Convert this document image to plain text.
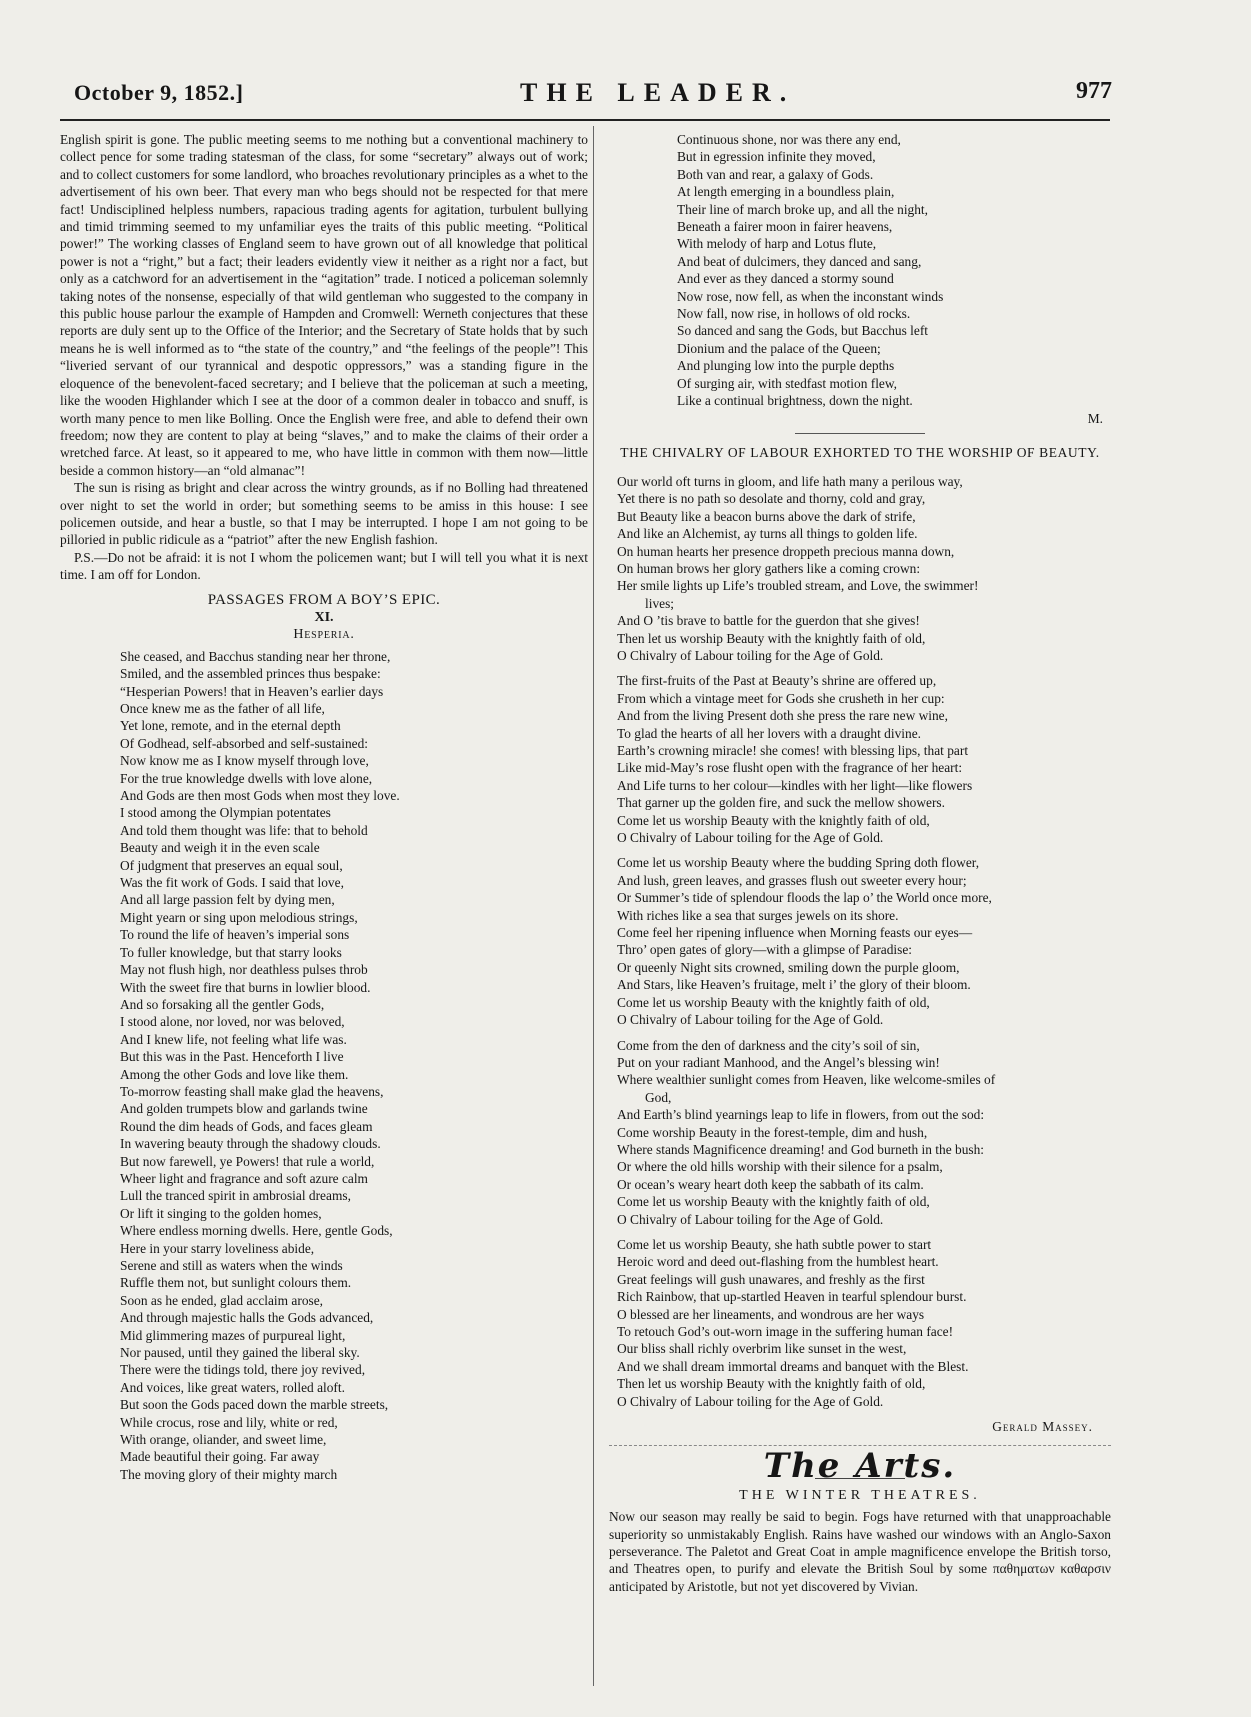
October 9, 1852.]	THE LEADER.	977

English spirit is gone. The public meeting seems to me nothing but a conventional machinery to collect pence for some trading statesman of the class, for some “secretary” always out of work; and to collect customers for some landlord, who broaches revolutionary principles as a whet to the advertisement of his own beer. That every man who begs should not be respected for that mere fact! Undisciplined helpless numbers, rapacious trading agents for agitation, turbulent bullying and timid trimming seemed to my unfamiliar eyes the traits of this public meeting. “Political power!” The working classes of England seem to have grown out of all knowledge that political power is not a “right,” but a fact; their leaders evidently view it neither as a right nor a fact, but only as a catchword for an advertisement in the “agitation” trade. I noticed a policeman solemnly taking notes of the nonsense, especially of that wild gentleman who suggested to the company in this public house parlour the example of Hampden and Cromwell: Werneth conjectures that these reports are duly sent up to the Office of the Interior; and the Secretary of State holds that by such means he is well informed as to “the state of the country,” and “the feelings of the people”! This “liveried servant of our tyrannical and despotic oppressors,” was a standing figure in the eloquence of the benevolent-faced secretary; and I believe that the policeman at such a meeting, like the wooden Highlander which I see at the door of a common dealer in tobacco and snuff, is worth many pence to men like Bolling. Once the English were free, and able to defend their own freedom; now they are content to play at being “slaves,” and to make the claims of their order a wretched farce. At least, so it appeared to me, who have little in common with them now—little beside a common history—an “old almanac”!

The sun is rising as bright and clear across the wintry grounds, as if no Bolling had threatened over night to set the world in order; but something seems to be amiss in this house: I see policemen outside, and hear a bustle, so that I may be interrupted. I hope I am not going to be pilloried in public ridicule as a “patriot” after the new English fashion.

P.S.—Do not be afraid: it is not I whom the policemen want; but I will tell you what it is next time. I am off for London.

PASSAGES FROM A BOY’S EPIC.
XI.
Hesperia.
She ceased, and Bacchus standing near her throne,
Smiled, and the assembled princes thus bespake:
“Hesperian Powers! that in Heaven’s earlier days
Once knew me as the father of all life,
Yet lone, remote, and in the eternal depth
Of Godhead, self-absorbed and self-sustained:
Now know me as I know myself through love,
For the true knowledge dwells with love alone,
And Gods are then most Gods when most they love.
I stood among the Olympian potentates
And told them thought was life: that to behold
Beauty and weigh it in the even scale
Of judgment that preserves an equal soul,
Was the fit work of Gods. I said that love,
And all large passion felt by dying men,
Might yearn or sing upon melodious strings,
To round the life of heaven’s imperial sons
To fuller knowledge, but that starry looks
May not flush high, nor deathless pulses throb
With the sweet fire that burns in lowlier blood.
And so forsaking all the gentler Gods,
I stood alone, nor loved, nor was beloved,
And I knew life, not feeling what life was.
But this was in the Past. Henceforth I live
Among the other Gods and love like them.
To-morrow feasting shall make glad the heavens,
And golden trumpets blow and garlands twine
Round the dim heads of Gods, and faces gleam
In wavering beauty through the shadowy clouds.
But now farewell, ye Powers! that rule a world,
Wheer light and fragrance and soft azure calm
Lull the tranced spirit in ambrosial dreams,
Or lift it singing to the golden homes,
Where endless morning dwells. Here, gentle Gods,
Here in your starry loveliness abide,
Serene and still as waters when the winds
Ruffle them not, but sunlight colours them.
Soon as he ended, glad acclaim arose,
And through majestic halls the Gods advanced,
Mid glimmering mazes of purpureal light,
Nor paused, until they gained the liberal sky.
There were the tidings told, there joy revived,
And voices, like great waters, rolled aloft.
But soon the Gods paced down the marble streets,
While crocus, rose and lily, white or red,
With orange, oliander, and sweet lime,
Made beautiful their going. Far away
The moving glory of their mighty march
Continuous shone, nor was there any end,
But in egression infinite they moved,
Both van and rear, a galaxy of Gods.
At length emerging in a boundless plain,
Their line of march broke up, and all the night,
Beneath a fairer moon in fairer heavens,
With melody of harp and Lotus flute,
And beat of dulcimers, they danced and sang,
And ever as they danced a stormy sound
Now rose, now fell, as when the inconstant winds
Now fall, now rise, in hollows of old rocks.
So danced and sang the Gods, but Bacchus left
Dionium and the palace of the Queen;
And plunging low into the purple depths
Of surging air, with stedfast motion flew,
Like a continual brightness, down the night.
M.
THE CHIVALRY OF LABOUR EXHORTED TO THE WORSHIP OF BEAUTY.
Our world oft turns in gloom, and life hath many a perilous way,
Yet there is no path so desolate and thorny, cold and gray,
But Beauty like a beacon burns above the dark of strife,
And like an Alchemist, ay turns all things to golden life.
On human hearts her presence droppeth precious manna down,
On human brows her glory gathers like a coming crown:
Her smile lights up Life’s troubled stream, and Love, the swimmer!
lives;
And O ’tis brave to battle for the guerdon that she gives!
Then let us worship Beauty with the knightly faith of old,
O Chivalry of Labour toiling for the Age of Gold.
The first-fruits of the Past at Beauty’s shrine are offered up,
From which a vintage meet for Gods she crusheth in her cup:
And from the living Present doth she press the rare new wine,
To glad the hearts of all her lovers with a draught divine.
Earth’s crowning miracle! she comes! with blessing lips, that part
Like mid-May’s rose flusht open with the fragrance of her heart:
And Life turns to her colour—kindles with her light—like flowers
That garner up the golden fire, and suck the mellow showers.
Come let us worship Beauty with the knightly faith of old,
O Chivalry of Labour toiling for the Age of Gold.
Come let us worship Beauty where the budding Spring doth flower,
And lush, green leaves, and grasses flush out sweeter every hour;
Or Summer’s tide of splendour floods the lap o’ the World once more,
With riches like a sea that surges jewels on its shore.
Come feel her ripening influence when Morning feasts our eyes—
Thro’ open gates of glory—with a glimpse of Paradise:
Or queenly Night sits crowned, smiling down the purple gloom,
And Stars, like Heaven’s fruitage, melt i’ the glory of their bloom.
Come let us worship Beauty with the knightly faith of old,
O Chivalry of Labour toiling for the Age of Gold.
Come from the den of darkness and the city’s soil of sin,
Put on your radiant Manhood, and the Angel’s blessing win!
Where wealthier sunlight comes from Heaven, like welcome-smiles of
God,
And Earth’s blind yearnings leap to life in flowers, from out the sod:
Come worship Beauty in the forest-temple, dim and hush,
Where stands Magnificence dreaming! and God burneth in the bush:
Or where the old hills worship with their silence for a psalm,
Or ocean’s weary heart doth keep the sabbath of its calm.
Come let us worship Beauty with the knightly faith of old,
O Chivalry of Labour toiling for the Age of Gold.
Come let us worship Beauty, she hath subtle power to start
Heroic word and deed out-flashing from the humblest heart.
Great feelings will gush unawares, and freshly as the first
Rich Rainbow, that up-startled Heaven in tearful splendour burst.
O blessed are her lineaments, and wondrous are her ways
To retouch God’s out-worn image in the suffering human face!
Our bliss shall richly overbrim like sunset in the west,
And we shall dream immortal dreams and banquet with the Blest.
Then let us worship Beauty with the knightly faith of old,
O Chivalry of Labour toiling for the Age of Gold.
Gerald Massey.
The Arts.
THE WINTER THEATRES.

Now our season may really be said to begin. Fogs have returned with that unapproachable superiority so unmistakably English. Rains have washed our windows with an Anglo-Saxon perseverance. The Paletot and Great Coat in ample magnificence envelope the British torso, and Theatres open, to purify and elevate the British Soul by some παθηματων καθαρσιν anticipated by Aristotle, but not yet discovered by Vivian.
